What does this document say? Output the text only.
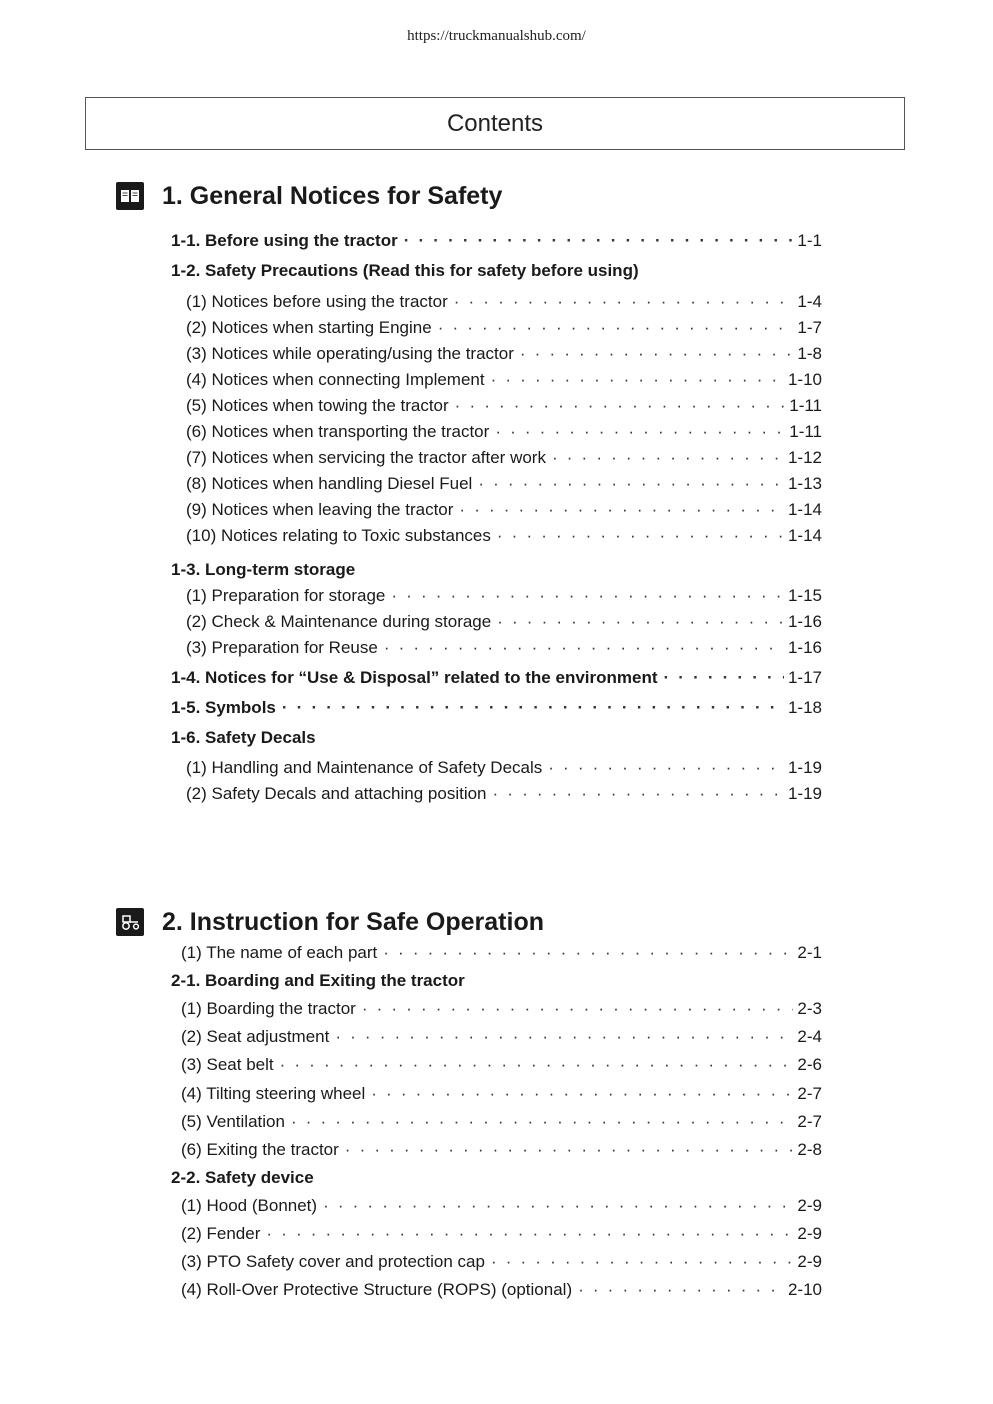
https://truckmanualshub.com/
Contents
1. General Notices for Safety
1-1. Before using the tractor · · ·	1-1
1-2. Safety Precautions (Read this for safety before using)
(1) Notices before using the tractor · · ·	1-4
(2) Notices when starting Engine · · ·	1-7
(3) Notices while operating/using the tractor · · ·	1-8
(4) Notices when connecting Implement · · ·	1-10
(5) Notices when towing the tractor · · ·	1-11
(6) Notices when transporting the tractor · · ·	1-11
(7) Notices when servicing the tractor after work · · ·	1-12
(8) Notices when handling Diesel Fuel · · ·	1-13
(9) Notices when leaving the tractor · · ·	1-14
(10) Notices relating to Toxic substances · · ·	1-14
1-3. Long-term storage
(1) Preparation for storage · · ·	1-15
(2) Check & Maintenance during storage · · ·	1-16
(3) Preparation for Reuse · · ·	1-16
1-4. Notices for “Use & Disposal” related to the environment · · ·	1-17
1-5. Symbols · · ·	1-18
1-6. Safety Decals
(1) Handling and Maintenance of Safety Decals · · ·	1-19
(2) Safety Decals and attaching position · · ·	1-19
2. Instruction for Safe Operation
(1) The name of each part · · ·	2-1
2-1. Boarding and Exiting the tractor
(1) Boarding the tractor · · ·	2-3
(2) Seat adjustment · · ·	2-4
(3) Seat belt · · ·	2-6
(4) Tilting steering wheel · · ·	2-7
(5) Ventilation · · ·	2-7
(6) Exiting the tractor · · ·	2-8
2-2. Safety device
(1) Hood (Bonnet) · · ·	2-9
(2) Fender · · ·	2-9
(3) PTO Safety cover and protection cap · · ·	2-9
(4) Roll-Over Protective Structure (ROPS) (optional) · · ·	2-10
